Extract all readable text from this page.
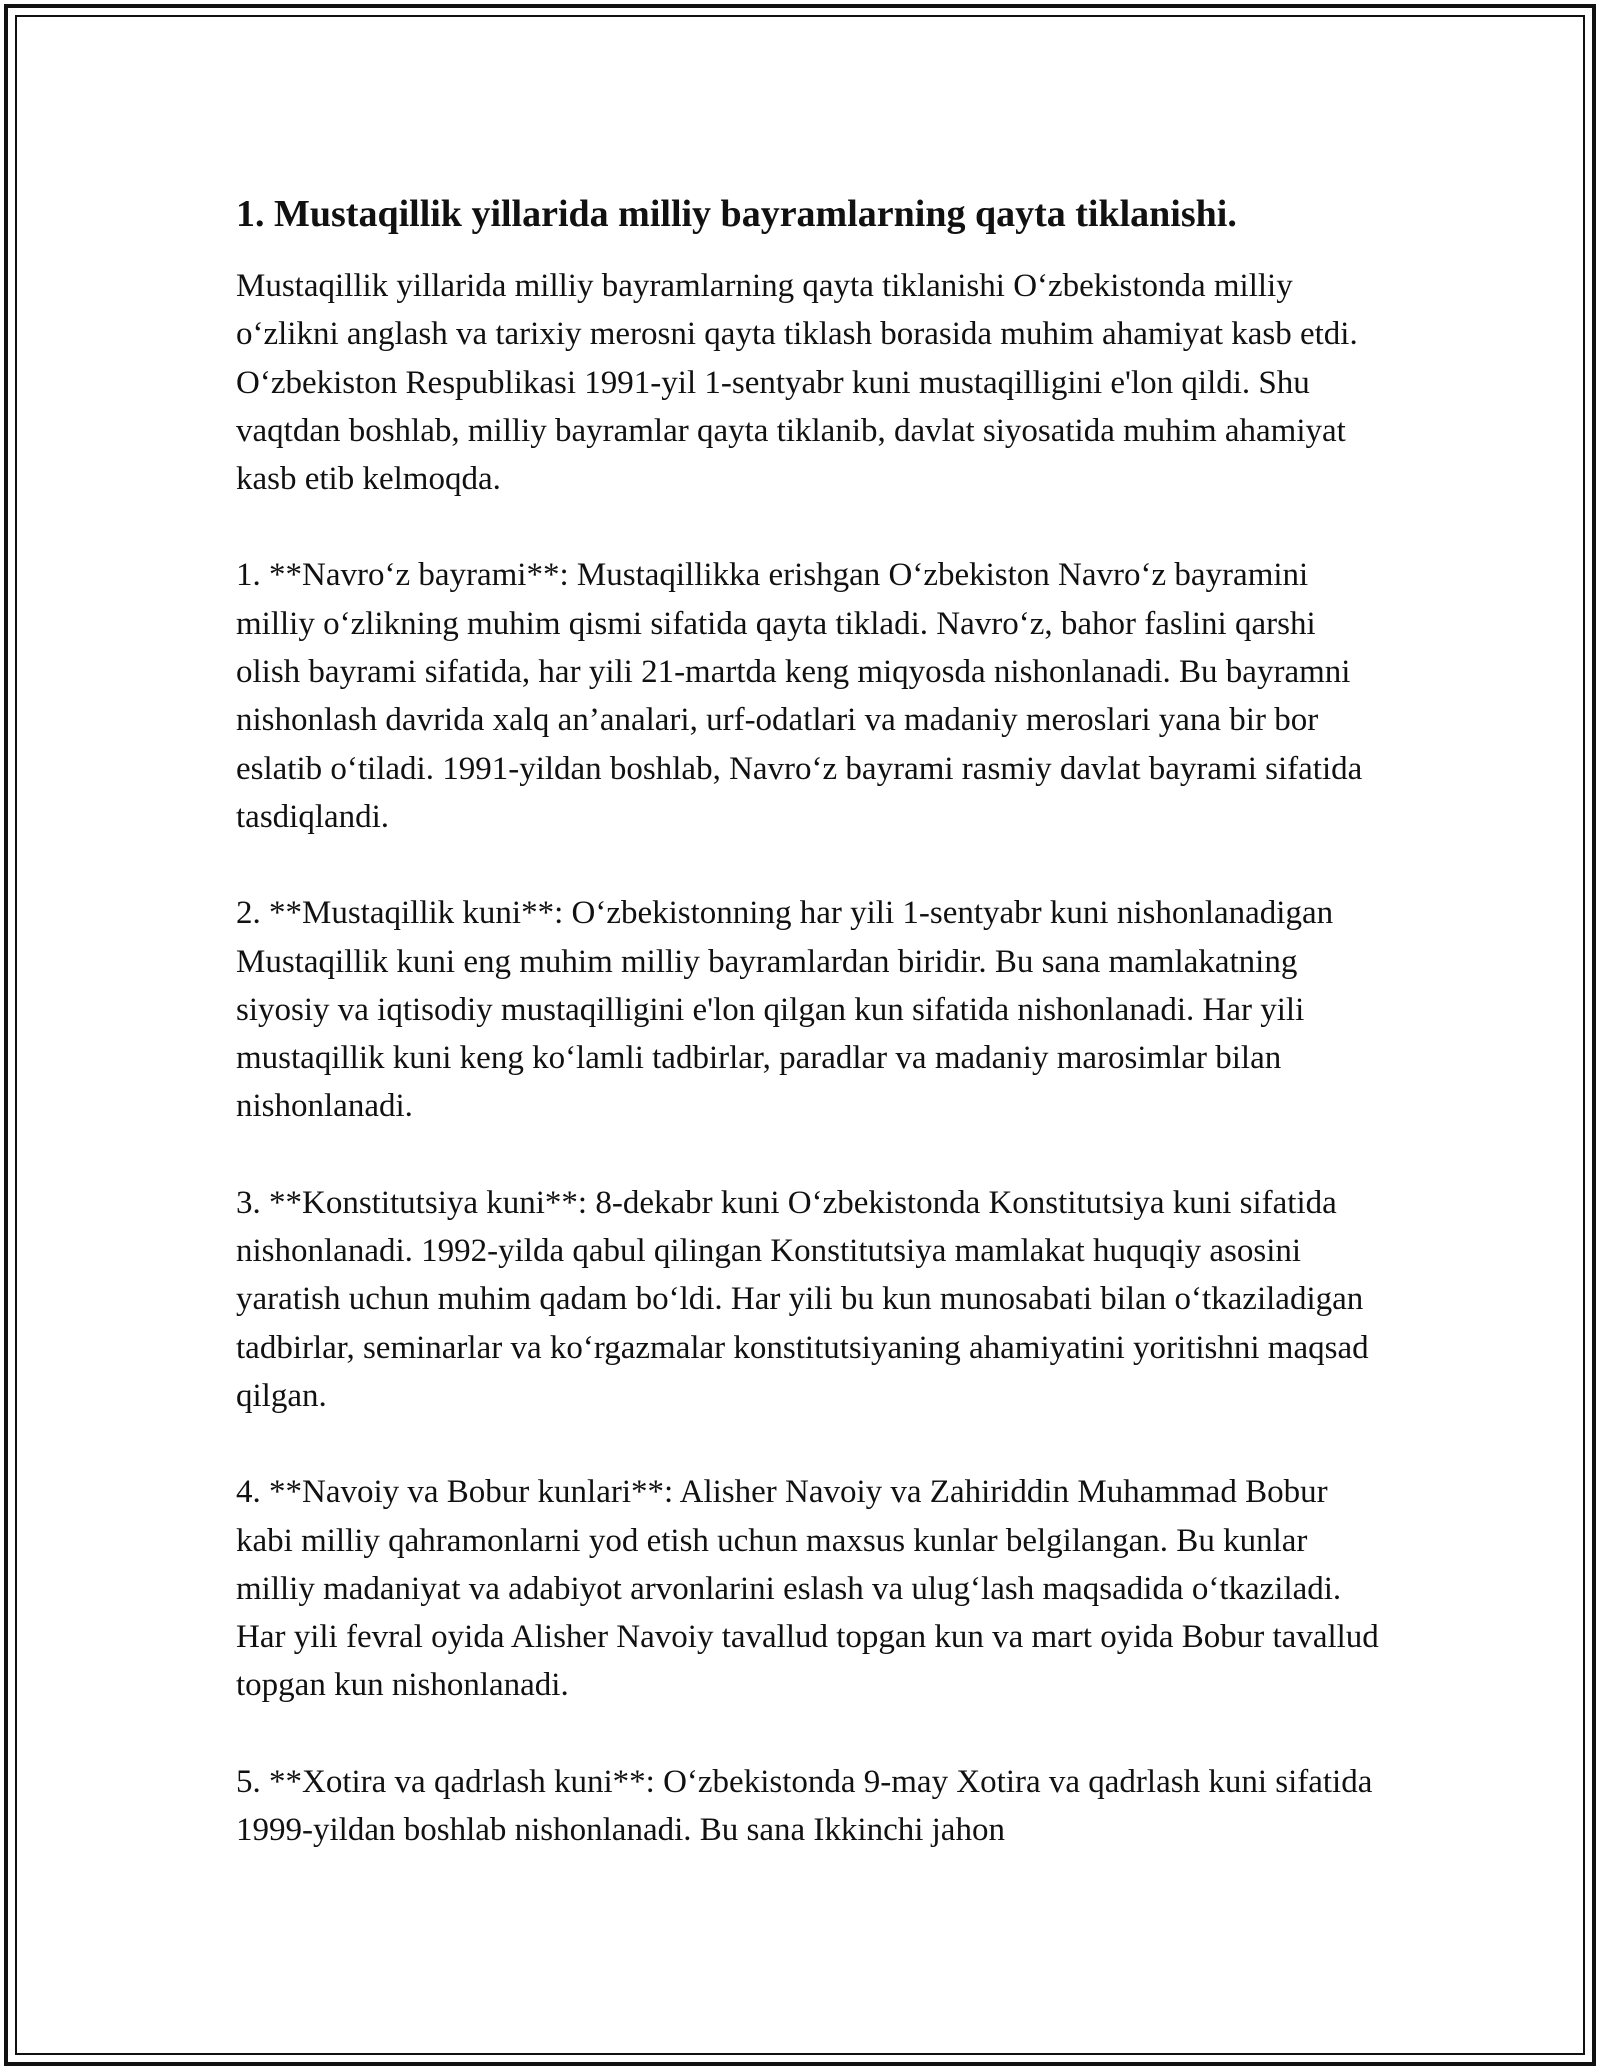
1. Mustaqillik yillarida milliy bayramlarning qayta tiklanishi.

Mustaqillik yillarida milliy bayramlarning qayta tiklanishi O‘zbekistonda milliy o‘zlikni anglash va tarixiy merosni qayta tiklash borasida muhim ahamiyat kasb etdi. O‘zbekiston Respublikasi 1991-yil 1-sentyabr kuni mustaqilligini e'lon qildi. Shu vaqtdan boshlab, milliy bayramlar qayta tiklanib, davlat siyosatida muhim ahamiyat kasb etib kelmoqda.

1. **Navro‘z bayrami**: Mustaqillikka erishgan O‘zbekiston Navro‘z bayramini milliy o‘zlikning muhim qismi sifatida qayta tikladi. Navro‘z, bahor faslini qarshi olish bayrami sifatida, har yili 21-martda keng miqyosda nishonlanadi. Bu bayramni nishonlash davrida xalq an’analari, urf-odatlari va madaniy meroslari yana bir bor eslatib o‘tiladi. 1991-yildan boshlab, Navro‘z bayrami rasmiy davlat bayrami sifatida tasdiqlandi.

2. **Mustaqillik kuni**: O‘zbekistonning har yili 1-sentyabr kuni nishonlanadigan Mustaqillik kuni eng muhim milliy bayramlardan biridir. Bu sana mamlakatning siyosiy va iqtisodiy mustaqilligini e'lon qilgan kun sifatida nishonlanadi. Har yili mustaqillik kuni keng ko‘lamli tadbirlar, paradlar va madaniy marosimlar bilan nishonlanadi.

3. **Konstitutsiya kuni**: 8-dekabr kuni O‘zbekistonda Konstitutsiya kuni sifatida nishonlanadi. 1992-yilda qabul qilingan Konstitutsiya mamlakat huquqiy asosini yaratish uchun muhim qadam bo‘ldi. Har yili bu kun munosabati bilan o‘tkaziladigan tadbirlar, seminarlar va ko‘rgazmalar konstitutsiyaning ahamiyatini yoritishni maqsad qilgan.

4. **Navoiy va Bobur kunlari**: Alisher Navoiy va Zahiriddin Muhammad Bobur kabi milliy qahramonlarni yod etish uchun maxsus kunlar belgilangan. Bu kunlar milliy madaniyat va adabiyot arvonlarini eslash va ulug‘lash maqsadida o‘tkaziladi. Har yili fevral oyida Alisher Navoiy tavallud topgan kun va mart oyida Bobur tavallud topgan kun nishonlanadi.

5. **Xotira va qadrlash kuni**: O‘zbekistonda 9-may Xotira va qadrlash kuni sifatida 1999-yildan boshlab nishonlanadi. Bu sana Ikkinchi jahon
